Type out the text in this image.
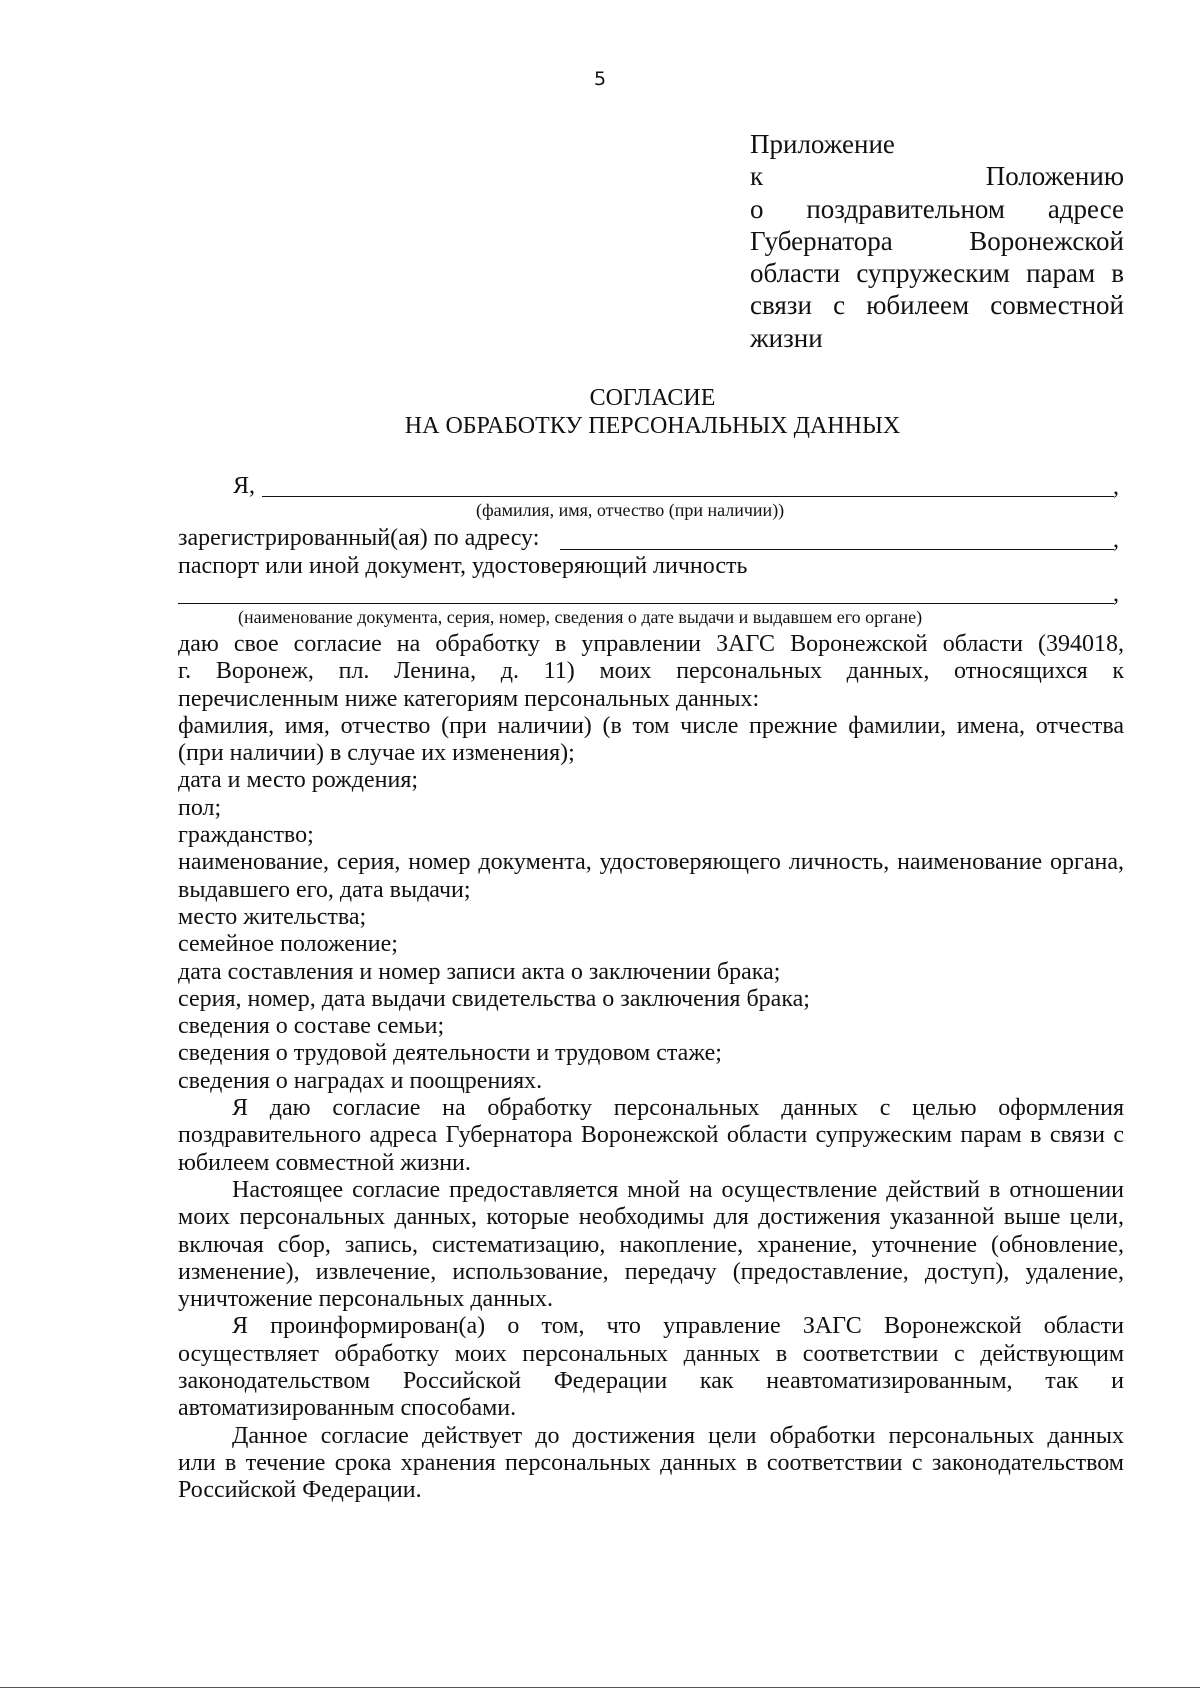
5
Приложение
к Положению
о поздравительном адресе
Губернатора Воронежской
области супружеским парам в
связи с юбилеем совместной
жизни
СОГЛАСИЕ
НА ОБРАБОТКУ ПЕРСОНАЛЬНЫХ ДАННЫХ
Я,	,
(фамилия, имя, отчество (при наличии))
зарегистрированный(ая) по адресу:	,
паспорт или иной документ, удостоверяющий личность
,
(наименование документа, серия, номер, сведения о дате выдачи и выдавшем его органе)
даю свое согласие на обработку в управлении ЗАГС Воронежской области (394018,
г. Воронеж, пл. Ленина, д. 11) моих персональных данных, относящихся к
перечисленным ниже категориям персональных данных:
фамилия, имя, отчество (при наличии) (в том числе прежние фамилии, имена, отчества
(при наличии) в случае их изменения);
дата и место рождения;
пол;
гражданство;
наименование, серия, номер документа, удостоверяющего личность, наименование органа,
выдавшего его, дата выдачи;
место жительства;
семейное положение;
дата составления и номер записи акта о заключении брака;
серия, номер, дата выдачи свидетельства о заключения брака;
сведения о составе семьи;
сведения о трудовой деятельности и трудовом стаже;
сведения о наградах и поощрениях.
Я даю согласие на обработку персональных данных с целью оформления
поздравительного адреса Губернатора Воронежской области супружеским парам в связи с
юбилеем совместной жизни.
Настоящее согласие предоставляется мной на осуществление действий в отношении
моих персональных данных, которые необходимы для достижения указанной выше цели,
включая сбор, запись, систематизацию, накопление, хранение, уточнение (обновление,
изменение), извлечение, использование, передачу (предоставление, доступ), удаление,
уничтожение персональных данных.
Я проинформирован(а) о том, что управление ЗАГС Воронежской области
осуществляет обработку моих персональных данных в соответствии с действующим
законодательством Российской Федерации как неавтоматизированным, так и
автоматизированным способами.
Данное согласие действует до достижения цели обработки персональных данных
или в течение срока хранения персональных данных в соответствии с законодательством
Российской Федерации.
